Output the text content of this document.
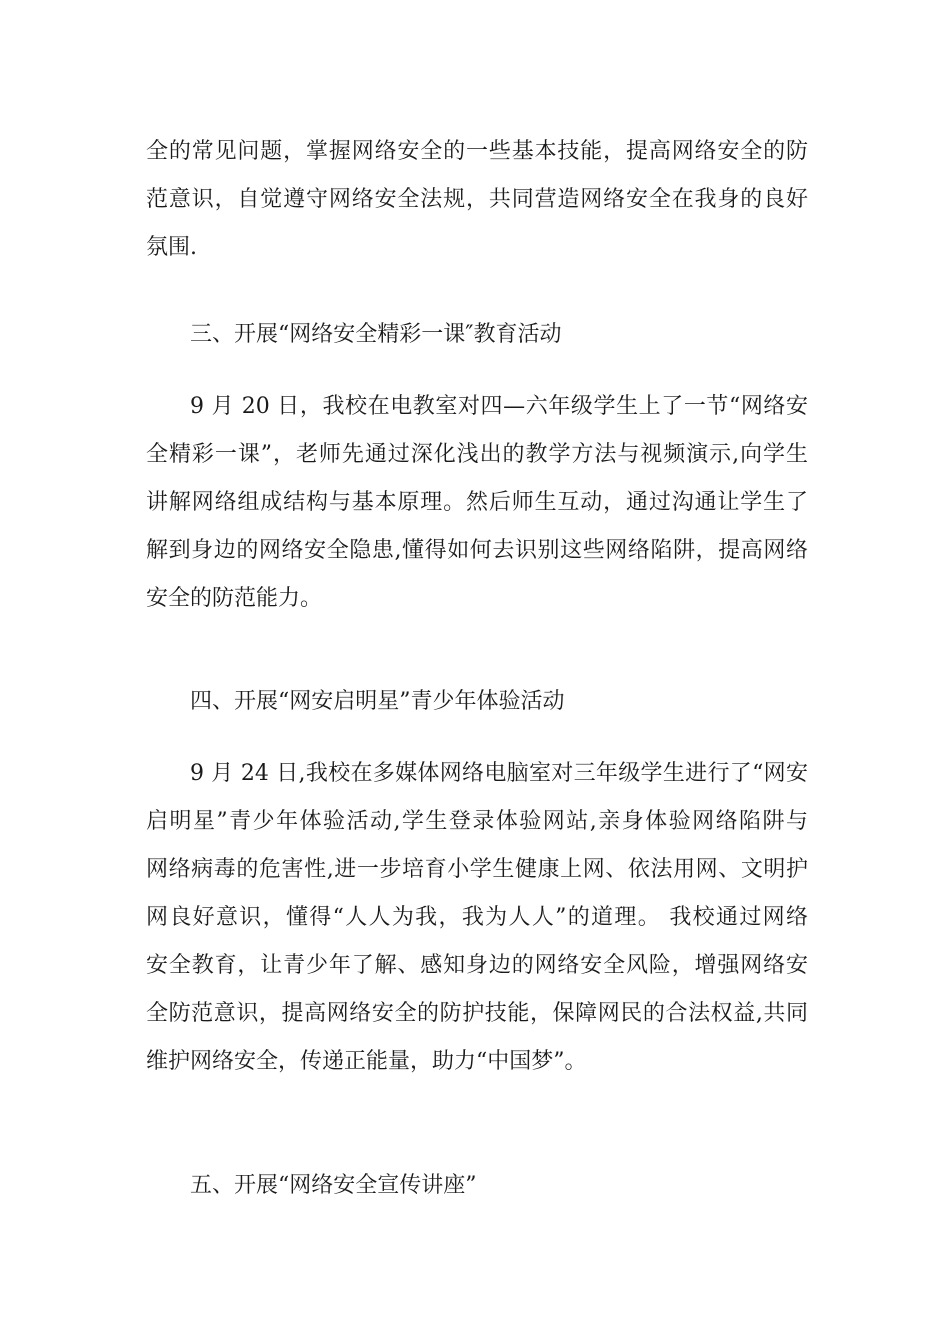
全的常见问题，掌握网络安全的一些基本技能，提高网络安全的防
范意识，自觉遵守网络安全法规，共同营造网络安全在我身的良好
氛围.
三、开展“网络安全精彩一课″教育活动
9 月 20 日，我校在电教室对四—六年级学生上了一节“网络安
全精彩一课”，老师先通过深化浅出的教学方法与视频演示,向学生
讲解网络组成结构与基本原理。然后师生互动，通过沟通让学生了
解到身边的网络安全隐患,懂得如何去识别这些网络陷阱，提高网络
安全的防范能力。
四、开展“网安启明星”青少年体验活动
9 月 24 日,我校在多媒体网络电脑室对三年级学生进行了“网安
启明星”青少年体验活动,学生登录体验网站,亲身体验网络陷阱与
网络病毒的危害性,进一步培育小学生健康上网、依法用网、文明护
网良好意识，懂得“人人为我，我为人人”的道理。 我校通过网络
安全教育，让青少年了解、感知身边的网络安全风险，增强网络安
全防范意识，提高网络安全的防护技能，保障网民的合法权益,共同
维护网络安全，传递正能量，助力“中国梦”。
五、开展“网络安全宣传讲座”
